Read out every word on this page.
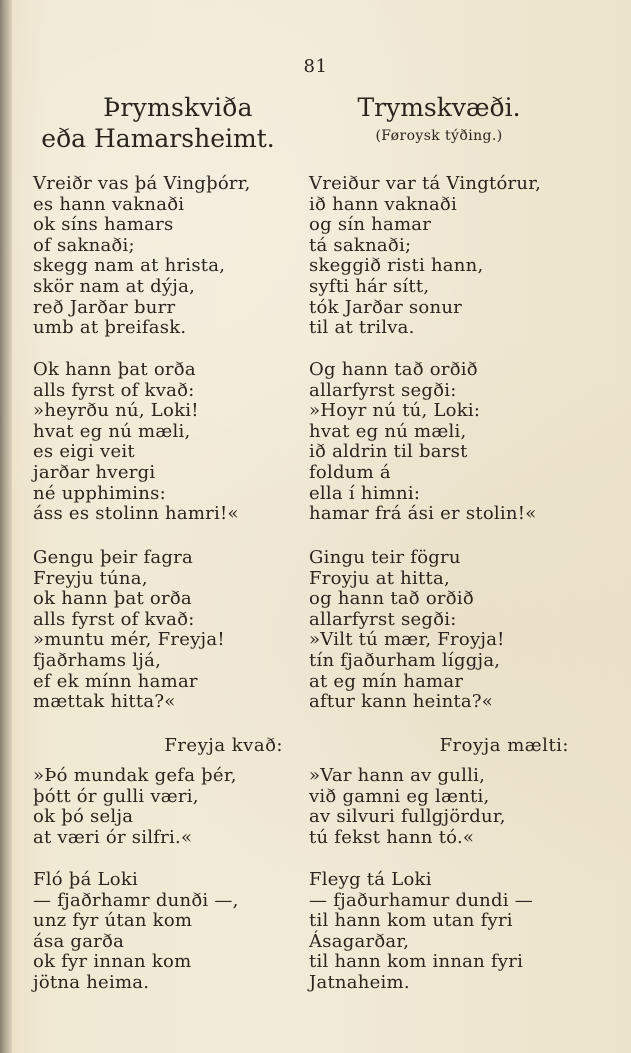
81
Þrymskviða
eða Hamarsheimt.
Vreiðr vas þá Vingþórr,
es hann vaknaði
ok síns hamars
of saknaði;
skegg nam at hrista,
skör nam at dýja,
reð Jarðar burr
umb at þreifask.
Ok hann þat orða
alls fyrst of kvað:
»heyrðu nú, Loki!
hvat eg nú mæli,
es eigi veit
jarðar hvergi
né upphimins:
áss es stolinn hamri!«
Gengu þeir fagra
Freyju túna,
ok hann þat orða
alls fyrst of kvað:
»muntu mér, Freyja!
fjaðrhams ljá,
ef ek mínn hamar
mættak hitta?«
Freyja kvað:
»Þó mundak gefa þér,
þótt ór gulli væri,
ok þó selja
at væri ór silfri.«
Fló þá Loki
— fjaðrhamr dunði —,
unz fyr útan kom
ása garða
ok fyr innan kom
jötna heima.
Trymskvæði.
(Føroysk týðing.)
Vreiður var tá Vingtórur,
ið hann vaknaði
og sín hamar
tá saknaði;
skeggið risti hann,
syfti hár sítt,
tók Jarðar sonur
til at trilva.
Og hann tað orðið
allarfyrst segði:
»Hoyr nú tú, Loki:
hvat eg nú mæli,
ið aldrin til barst
foldum á
ella í himni:
hamar frá ási er stolin!«
Gingu teir fögru
Froyju at hitta,
og hann tað orðið
allarfyrst segði:
»Vilt tú mær, Froyja!
tín fjaðurham líggja,
at eg mín hamar
aftur kann heinta?«
Froyja mælti:
»Var hann av gulli,
við gamni eg lænti,
av silvuri fullgjördur,
tú fekst hann tó.«
Fleyg tá Loki
— fjaðurhamur dundi —
til hann kom utan fyri
Ásagarðar,
til hann kom innan fyri
Jatnaheim.
